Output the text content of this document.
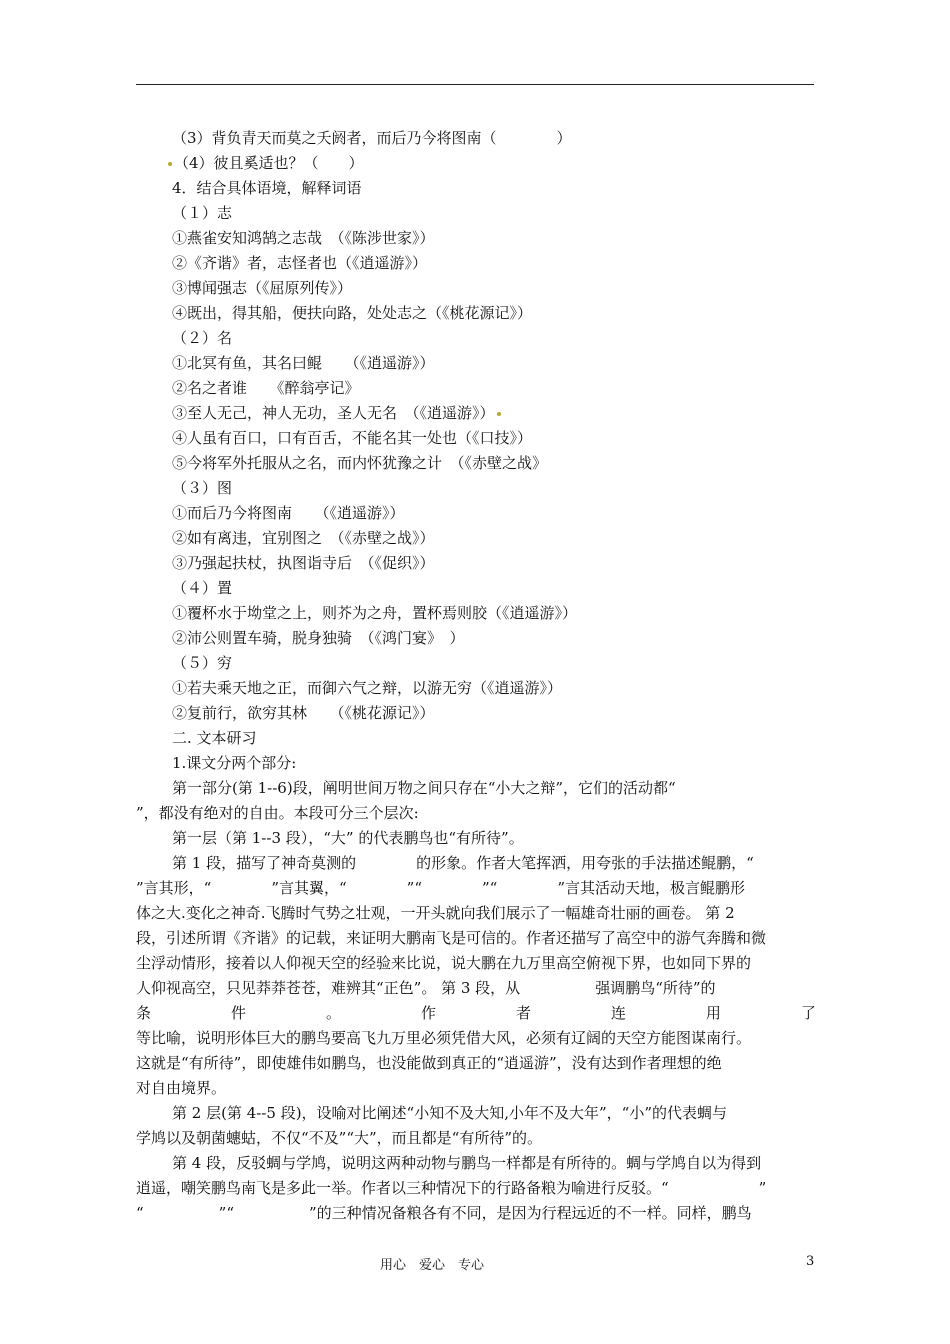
（3）背负青天而莫之夭阏者，而后乃今将图南（　　　　）
（4）彼且奚适也？（　　）
4．结合具体语境，解释词语
（１）志
①燕雀安知鸿鹄之志哉　（《陈涉世家》）
②《齐谐》者，志怪者也（《逍遥游》）
③博闻强志（《屈原列传》）
④既出，得其船，便扶向路，处处志之（《桃花源记》）
（２）名
①北冥有鱼，其名曰鲲　　（《逍遥游》）
②名之者谁　　《醉翁亭记》
③至人无己，神人无功，圣人无名　（《逍遥游》）
④人虽有百口，口有百舌，不能名其一处也（《口技》）
⑤今将军外托服从之名，而内怀犹豫之计　（《赤壁之战》
（３）图
①而后乃今将图南　　（《逍遥游》）
②如有离违，宜别图之　（《赤壁之战》）
③乃强起扶杖，执图诣寺后　（《促织》）
（４）置
①覆杯水于坳堂之上，则芥为之舟，置杯焉则胶（《逍遥游》）
②沛公则置车骑，脱身独骑　（《鸿门宴》　）
（５）穷
①若夫乘天地之正，而御六气之辩，以游无穷（《逍遥游》）
②复前行，欲穷其林　　（《桃花源记》）
二. 文本研习
1.课文分两个部分:
第一部分(第 1--6)段，阐明世间万物之间只存在“小大之辩”，它们的活动都“
”，都没有绝对的自由。本段可分三个层次:
第一层（第 1--3 段），“大” 的代表鹏鸟也“有所待”。
第 1 段，描写了神奇莫测的　　　　的形象。作者大笔挥洒，用夸张的手法描述鲲鹏，“
”言其形，“　　　　”言其翼，“　　　　”“　　　　”“　　　　”言其活动天地，极言鲲鹏形
体之大.变化之神奇.飞腾时气势之壮观，一开头就向我们展示了一幅雄奇壮丽的画卷。 第 2
段，引述所谓《齐谐》的记载，来证明大鹏南飞是可信的。作者还描写了高空中的游气奔腾和微
尘浮动情形，接着以人仰视天空的经验来比说，说大鹏在九万里高空俯视下界，也如同下界的
人仰视高空，只见莽莽苍苍，难辨其“正色”。 第 3 段，从　　　　　强调鹏鸟“所待”的
条	件	。	作	者	连	用	了
等比喻，说明形体巨大的鹏鸟要高飞九万里必须凭借大风，必须有辽阔的天空方能图谋南行。
这就是“有所待”，即使雄伟如鹏鸟，也没能做到真正的“逍遥游”，没有达到作者理想的绝
对自由境界。
第 2 层(第 4--5 段)，设喻对比阐述“小知不及大知,小年不及大年”，“小”的代表蜩与
学鸠以及朝菌蟪蛄，不仅“不及”“大”，而且都是“有所待”的。
第 4 段，反驳蜩与学鸠，说明这两种动物与鹏鸟一样都是有所待的。蜩与学鸠自以为得到
逍遥，嘲笑鹏鸟南飞是多此一举。作者以三种情况下的行路备粮为喻进行反驳。“　　　　　　”
“　　　　　”“　　　　　”的三种情况备粮各有不同，是因为行程远近的不一样。同样，鹏鸟
用心　爱心　专心	3
